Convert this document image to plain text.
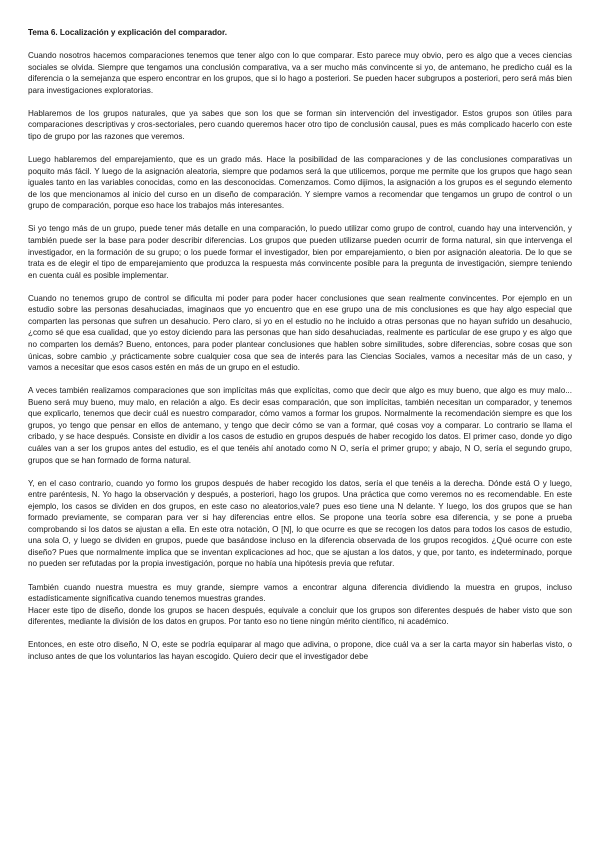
Tema 6. Localización y explicación del comparador.
Cuando nosotros hacemos comparaciones tenemos que tener algo con lo que comparar. Esto parece muy obvio, pero es algo que a veces ciencias sociales se olvida. Siempre que tengamos una conclusión comparativa, va a ser mucho más convincente si yo, de antemano, he predicho cuál es la diferencia o la semejanza que espero encontrar en los grupos, que si lo hago a posteriori. Se pueden hacer subgrupos a posteriori, pero será más bien para investigaciones exploratorias.
Hablaremos de los grupos naturales, que ya sabes que son los que se forman sin intervención del investigador. Estos grupos son útiles para comparaciones descriptivas y cros-sectoriales, pero cuando queremos hacer otro tipo de conclusión causal, pues es más complicado hacerlo con este tipo de grupo por las razones que veremos.
Luego hablaremos del emparejamiento, que es un grado más. Hace la posibilidad de las comparaciones y de las conclusiones comparativas un poquito más fácil. Y luego de la asignación aleatoria, siempre que podamos será la que utilicemos, porque me permite que los grupos que hago sean iguales tanto en las variables conocidas, como en las desconocidas. Comenzamos. Como dijimos, la asignación a los grupos es el segundo elemento de los que mencionamos al inicio del curso en un diseño de comparación. Y siempre vamos a recomendar que tengamos un grupo de control o un grupo de comparación, porque eso hace los trabajos más interesantes.
Si yo tengo más de un grupo, puede tener más detalle en una comparación, lo puedo utilizar como grupo de control, cuando hay una intervención, y también puede ser la base para poder describir diferencias. Los grupos que pueden utilizarse pueden ocurrir de forma natural, sin que intervenga el investigador, en la formación de su grupo; o los puede formar el investigador, bien por emparejamiento, o bien por asignación aleatoria. De lo que se trata es de elegir el tipo de emparejamiento que produzca la respuesta más convincente posible para la pregunta de investigación, siempre teniendo en cuenta cuál es posible implementar.
Cuando no tenemos grupo de control se dificulta mi poder para poder hacer conclusiones que sean realmente convincentes. Por ejemplo en un estudio sobre las personas desahuciadas, imaginaos que yo encuentro que en ese grupo una de mis conclusiones es que hay algo especial que comparten las personas que sufren un desahucio. Pero claro, si yo en el estudio no he incluido a otras personas que no hayan sufrido un desahucio, ¿como sé que esa cualidad, que yo estoy diciendo para las personas que han sido desahuciadas, realmente es particular de ese grupo y es algo que no comparten los demás? Bueno, entonces, para poder plantear conclusiones que hablen sobre similitudes, sobre diferencias, sobre cosas que son únicas, sobre cambio ,y prácticamente sobre cualquier cosa que sea de interés para las Ciencias Sociales, vamos a necesitar más de un caso, y vamos a necesitar que esos casos estén en más de un grupo en el estudio.
A veces también realizamos comparaciones que son implícitas más que explícitas, como que decir que algo es muy bueno, que algo es muy malo... Bueno será muy bueno, muy malo, en relación a algo. Es decir esas comparación, que son implícitas, también necesitan un comparador, y tenemos que explicarlo, tenemos que decir cuál es nuestro comparador, cómo vamos a formar los grupos. Normalmente la recomendación siempre es que los grupos, yo tengo que pensar en ellos de antemano, y tengo que decir cómo se van a formar, qué cosas voy a comparar. Lo contrario se llama el cribado, y se hace después. Consiste en dividir a los casos de estudio en grupos después de haber recogido los datos. El primer caso, donde yo digo cuáles van a ser los grupos antes del estudio, es el que tenéis ahí anotado como N O, sería el primer grupo; y abajo, N O, sería el segundo grupo, grupos que se han formado de forma natural.
Y, en el caso contrario, cuando yo formo los grupos después de haber recogido los datos, sería el que tenéis a la derecha. Dónde está O y luego, entre paréntesis, N. Yo hago la observación y después, a posteriori, hago los grupos. Una práctica que como veremos no es recomendable. En este ejemplo, los casos se dividen en dos grupos, en este caso no aleatorios,vale? pues eso tiene una N delante. Y luego, los dos grupos que se han formado previamente, se comparan para ver si hay diferencias entre ellos. Se propone una teoría sobre esa diferencia, y se pone a prueba comprobando si los datos se ajustan a ella. En este otra notación, O [N], lo que ocurre es que se recogen los datos para todos los casos de estudio, una sola O, y luego se dividen en grupos, puede que basándose incluso en la diferencia observada de los grupos recogidos. ¿Qué ocurre con este diseño? Pues que normalmente implica que se inventan explicaciones ad hoc, que se ajustan a los datos, y que, por tanto, es indeterminado, porque no pueden ser refutadas por la propia investigación, porque no había una hipótesis previa que refutar.
También cuando nuestra muestra es muy grande, siempre vamos a encontrar alguna diferencia dividiendo la muestra en grupos, incluso estadísticamente significativa cuando tenemos muestras grandes.
Hacer este tipo de diseño, donde los grupos se hacen después, equivale a concluir que los grupos son diferentes después de haber visto que son diferentes, mediante la división de los datos en grupos. Por tanto eso no tiene ningún mérito científico, ni académico.
Entonces, en este otro diseño, N O, este se podría equiparar al mago que adivina, o propone, dice cuál va a ser la carta mayor sin haberlas visto, o incluso antes de que los voluntarios las hayan escogido. Quiero decir que el investigador debe
